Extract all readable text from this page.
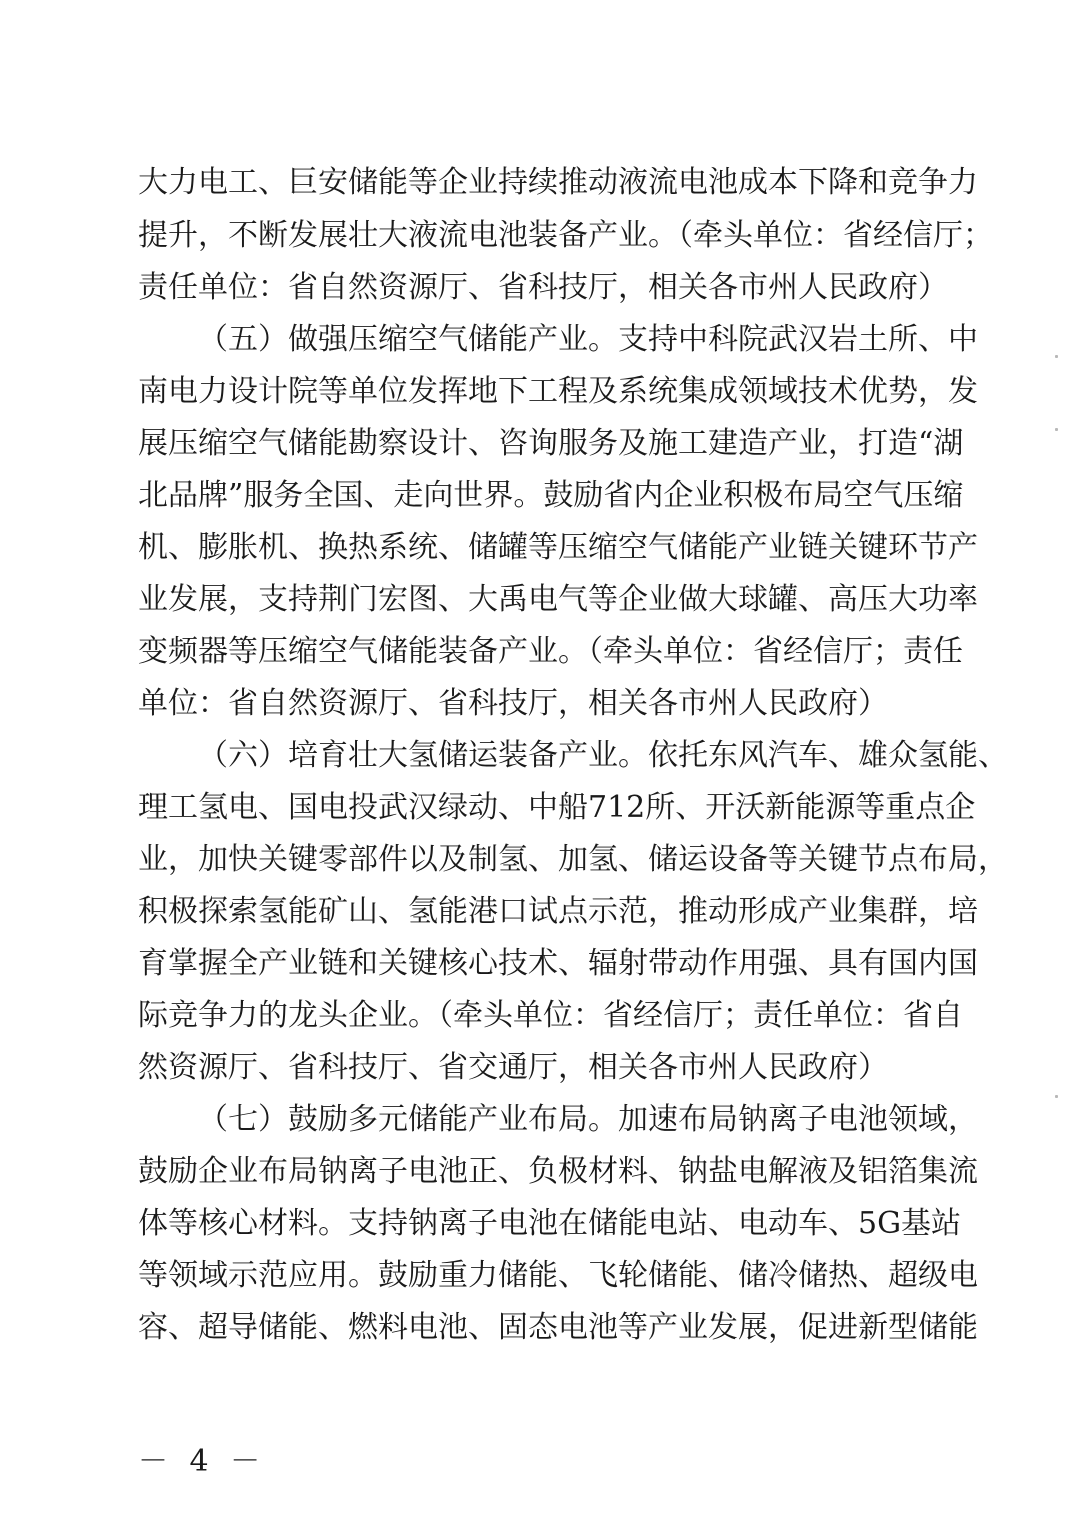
大力电工、巨安储能等企业持续推动液流电池成本下降和竞争力
提升，不断发展壮大液流电池装备产业。（牵头单位：省经信厅；
责任单位：省自然资源厅、省科技厅，相关各市州人民政府）
（五）做强压缩空气储能产业。支持中科院武汉岩土所、中
南电力设计院等单位发挥地下工程及系统集成领域技术优势，发
展压缩空气储能勘察设计、咨询服务及施工建造产业，打造“湖
北品牌”服务全国、走向世界。鼓励省内企业积极布局空气压缩
机、膨胀机、换热系统、储罐等压缩空气储能产业链关键环节产
业发展，支持荆门宏图、大禹电气等企业做大球罐、高压大功率
变频器等压缩空气储能装备产业。（牵头单位：省经信厅；责任
单位：省自然资源厅、省科技厅，相关各市州人民政府）
（六）培育壮大氢储运装备产业。依托东风汽车、雄众氢能、
理工氢电、国电投武汉绿动、中船712所、开沃新能源等重点企
业，加快关键零部件以及制氢、加氢、储运设备等关键节点布局，
积极探索氢能矿山、氢能港口试点示范，推动形成产业集群，培
育掌握全产业链和关键核心技术、辐射带动作用强、具有国内国
际竞争力的龙头企业。（牵头单位：省经信厅；责任单位：省自
然资源厅、省科技厅、省交通厅，相关各市州人民政府）
（七）鼓励多元储能产业布局。加速布局钠离子电池领域，
鼓励企业布局钠离子电池正、负极材料、钠盐电解液及铝箔集流
体等核心材料。支持钠离子电池在储能电站、电动车、5G基站
等领域示范应用。鼓励重力储能、飞轮储能、储冷储热、超级电
容、超导储能、燃料电池、固态电池等产业发展，促进新型储能
－ 4 －
